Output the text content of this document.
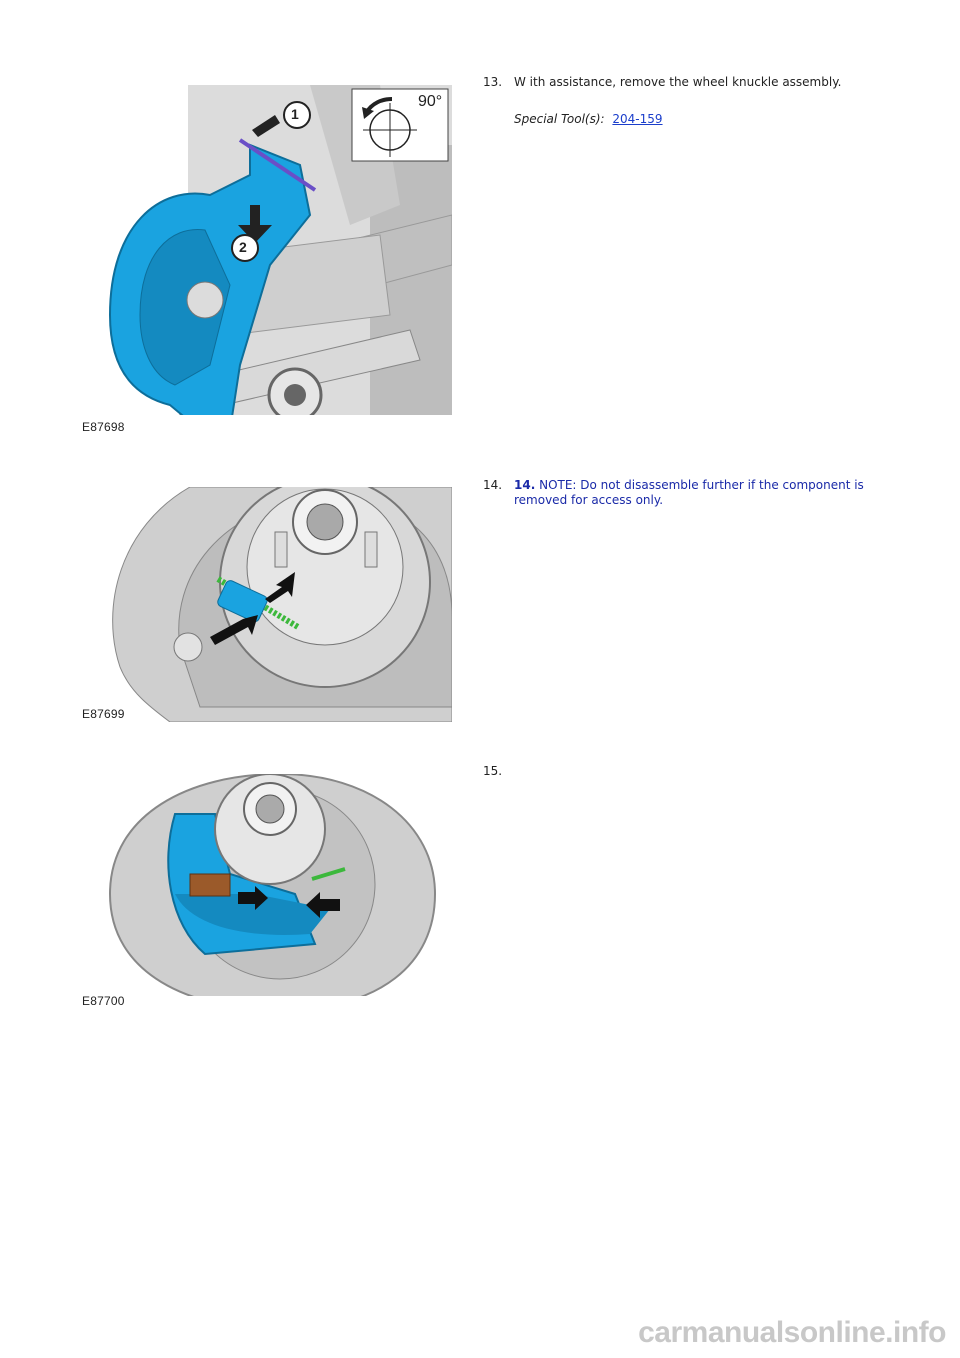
1
2
90°
E87698
13. W ith assistance, remove the wheel knuckle assembly.
Special Tool(s): 204-159
E87699
14. 14. NOTE: Do not disassemble further if the component is removed for access only.
E87700
15.
carmanualsonline.info
